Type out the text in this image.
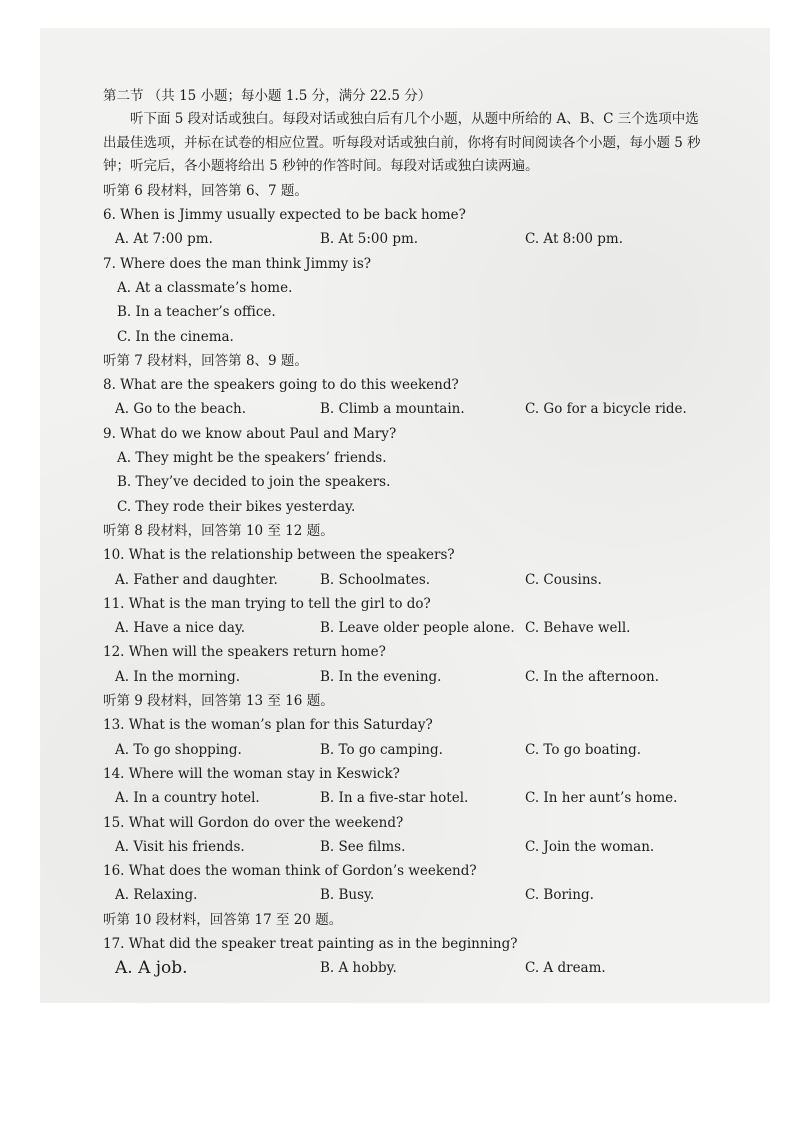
第二节 （共 15 小题；每小题 1.5 分，满分 22.5 分）
听下面 5 段对话或独白。每段对话或独白后有几个小题，从题中所给的 A、B、C 三个选项中选出最佳选项，并标在试卷的相应位置。听每段对话或独白前，你将有时间阅读各个小题，每小题 5 秒钟；听完后，各小题将给出 5 秒钟的作答时间。每段对话或独白读两遍。
听第 6 段材料，回答第 6、7 题。
6. When is Jimmy usually expected to be back home?
A. At 7:00 pm.	B. At 5:00 pm.	C. At 8:00 pm.
7. Where does the man think Jimmy is?
A. At a classmate’s home.
B. In a teacher’s office.
C. In the cinema.
听第 7 段材料，回答第 8、9 题。
8. What are the speakers going to do this weekend?
A. Go to the beach.	B. Climb a mountain.	C. Go for a bicycle ride.
9. What do we know about Paul and Mary?
A. They might be the speakers’ friends.
B. They’ve decided to join the speakers.
C. They rode their bikes yesterday.
听第 8 段材料，回答第 10 至 12 题。
10. What is the relationship between the speakers?
A. Father and daughter.	B. Schoolmates.	C. Cousins.
11. What is the man trying to tell the girl to do?
A. Have a nice day.	B. Leave older people alone. C. Behave well.
12. When will the speakers return home?
A. In the morning.	B. In the evening.	C. In the afternoon.
听第 9 段材料，回答第 13 至 16 题。
13. What is the woman’s plan for this Saturday?
A. To go shopping.	B. To go camping.	C. To go boating.
14. Where will the woman stay in Keswick?
A. In a country hotel.	B. In a five-star hotel.	C. In her aunt’s home.
15. What will Gordon do over the weekend?
A. Visit his friends.	B. See films.	C. Join the woman.
16. What does the woman think of Gordon’s weekend?
A. Relaxing.	B. Busy.	C. Boring.
听第 10 段材料，回答第 17 至 20 题。
17. What did the speaker treat painting as in the beginning?
A. A job.	B. A hobby.	C. A dream.
